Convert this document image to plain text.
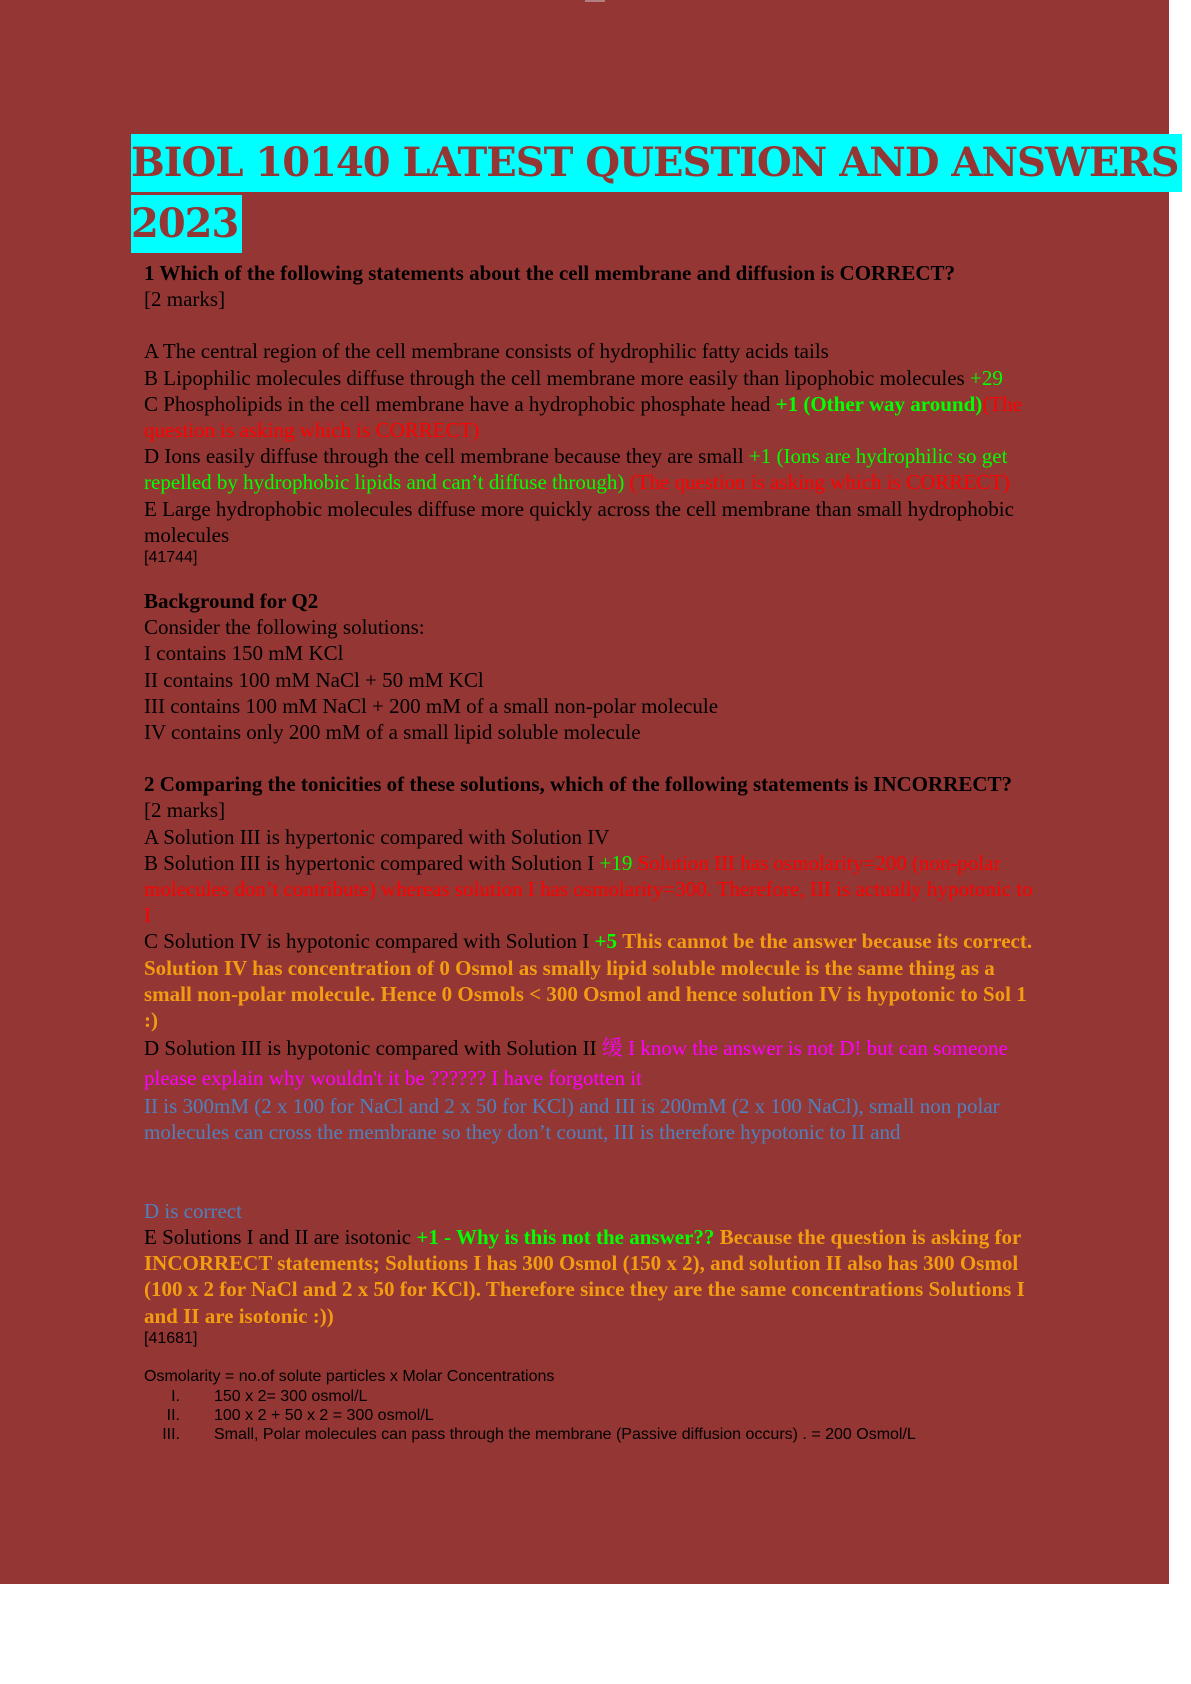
BIOL 10140 LATEST QUESTION AND ANSWERS
2023

1 Which of the following statements about the cell membrane and diffusion is CORRECT?

[2 marks]

A The central region of the cell membrane consists of hydrophilic fatty acids tails

B Lipophilic molecules diffuse through the cell membrane more easily than lipophobic molecules +29

C Phospholipids in the cell membrane have a hydrophobic phosphate head +1 (Other way around)(The question is asking which is CORRECT)

D Ions easily diffuse through the cell membrane because they are small +1 (Ions are hydrophilic so get repelled by hydrophobic lipids and can’t diffuse through) (The question is asking which is CORRECT)

E Large hydrophobic molecules diffuse more quickly across the cell membrane than small hydrophobic molecules

[41744]

Background for Q2

Consider the following solutions:

I contains 150 mM KCl

II contains 100 mM NaCl + 50 mM KCl

III contains 100 mM NaCl + 200 mM of a small non-polar molecule

IV contains only 200 mM of a small lipid soluble molecule

2 Comparing the tonicities of these solutions, which of the following statements is INCORRECT?

[2 marks]

A Solution III is hypertonic compared with Solution IV

B Solution III is hypertonic compared with Solution I +19 Solution III has osmolarity=200 (non-polar molecules don’t contribute) whereas solution I has osmolarity=300. Therefore, III is actually hypotonic to I

C Solution IV is hypotonic compared with Solution I +5 This cannot be the answer because its correct. Solution IV has concentration of 0 Osmol as smally lipid soluble molecule is the same thing as a small non-polar molecule. Hence 0 Osmols < 300 Osmol and hence solution IV is hypotonic to Sol 1 :)

D Solution III is hypotonic compared with Solution II 缓 I know the answer is not D! but can someone please explain why wouldn't it be ?????? I have forgotten it

II is 300mM (2 x 100 for NaCl and 2 x 50 for KCl) and III is 200mM (2 x 100 NaCl), small non polar molecules can cross the membrane so they don’t count, III is therefore hypotonic to II and

D is correct

E Solutions I and II are isotonic +1 - Why is this not the answer?? Because the question is asking for INCORRECT statements; Solutions I has 300 Osmol (150 x 2), and solution II also has 300 Osmol (100 x 2 for NaCl and 2 x 50 for KCl). Therefore since they are the same concentrations Solutions I and II are isotonic :))

[41681]

Osmolarity = no.of solute particles x Molar Concentrations

I.	150 x 2= 300 osmol/L
II.	100 x 2 + 50 x 2 = 300 osmol/L
III.	Small, Polar molecules can pass through the membrane (Passive diffusion occurs) . = 200 Osmol/L
